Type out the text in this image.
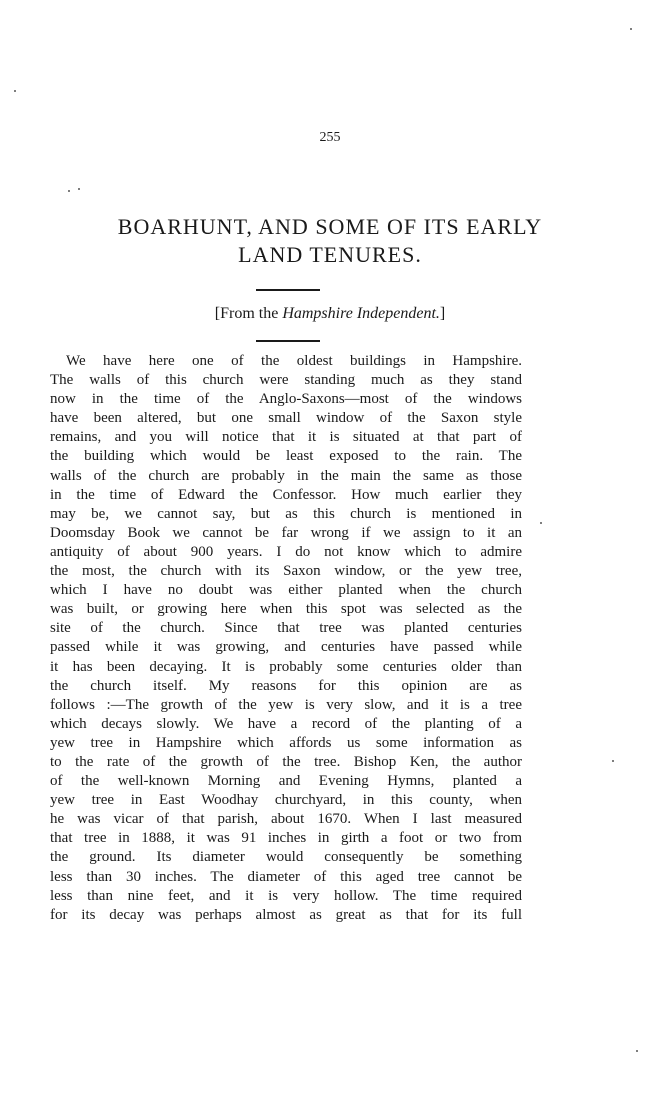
255
BOARHUNT, AND SOME OF ITS EARLY
LAND TENURES.
[From the Hampshire Independent.]
We have here one of the oldest buildings in Hampshire.
The walls of this church were standing much as they stand
now in the time of the Anglo-Saxons—most of the windows
have been altered, but one small window of the Saxon style
remains, and you will notice that it is situated at that part of
the building which would be least exposed to the rain. The
walls of the church are probably in the main the same as those
in the time of Edward the Confessor. How much earlier they
may be, we cannot say, but as this church is mentioned in
Doomsday Book we cannot be far wrong if we assign to it an
antiquity of about 900 years. I do not know which to admire
the most, the church with its Saxon window, or the yew tree,
which I have no doubt was either planted when the church
was built, or growing here when this spot was selected as the
site of the church. Since that tree was planted centuries
passed while it was growing, and centuries have passed while
it has been decaying. It is probably some centuries older than
the church itself. My reasons for this opinion are as
follows :—The growth of the yew is very slow, and it is a tree
which decays slowly. We have a record of the planting of a
yew tree in Hampshire which affords us some information as
to the rate of the growth of the tree. Bishop Ken, the author
of the well-known Morning and Evening Hymns, planted a
yew tree in East Woodhay churchyard, in this county, when
he was vicar of that parish, about 1670. When I last measured
that tree in 1888, it was 91 inches in girth a foot or two from
the ground. Its diameter would consequently be something
less than 30 inches. The diameter of this aged tree cannot be
less than nine feet, and it is very hollow. The time required
for its decay was perhaps almost as great as that for its full
